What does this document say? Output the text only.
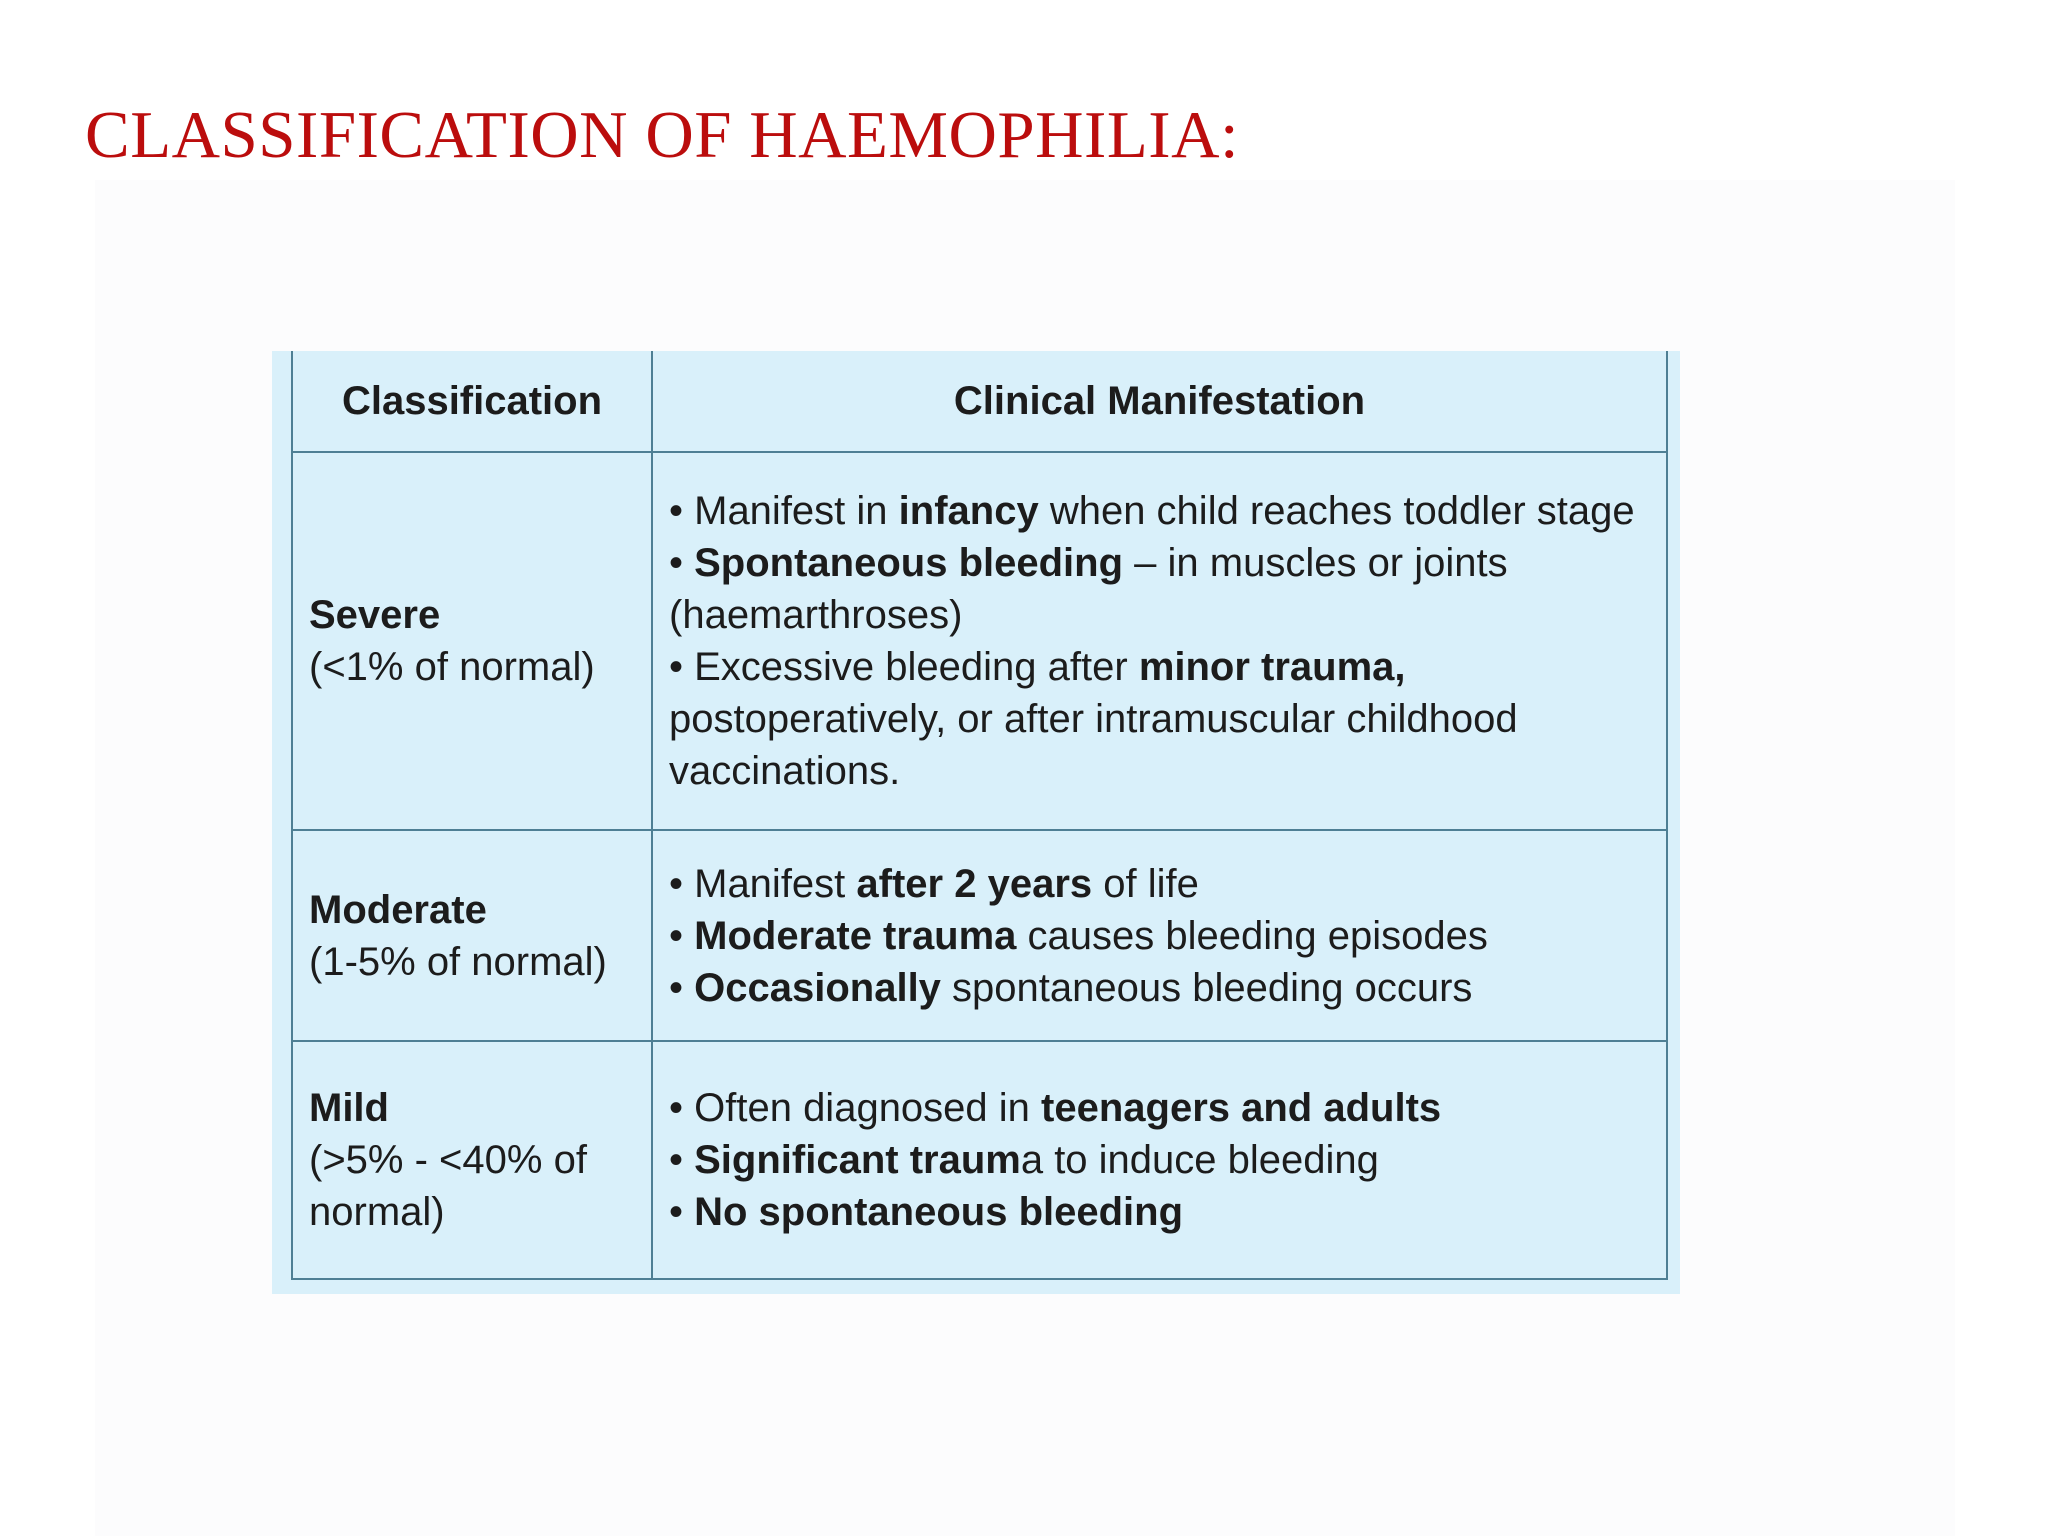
CLASSIFICATION OF HAEMOPHILIA:
Classification	Clinical Manifestation

Severe
(<1% of normal)	• Manifest in infancy when child reaches toddler stage
• Spontaneous bleeding – in muscles or joints (haemarthroses)
• Excessive bleeding after minor trauma, postoperatively, or after intramuscular childhood vaccinations.

Moderate
(1-5% of normal)	• Manifest after 2 years of life
• Moderate trauma causes bleeding episodes
• Occasionally spontaneous bleeding occurs

Mild
(>5% - <40% of normal)	• Often diagnosed in teenagers and adults
• Significant trauma to induce bleeding
• No spontaneous bleeding
